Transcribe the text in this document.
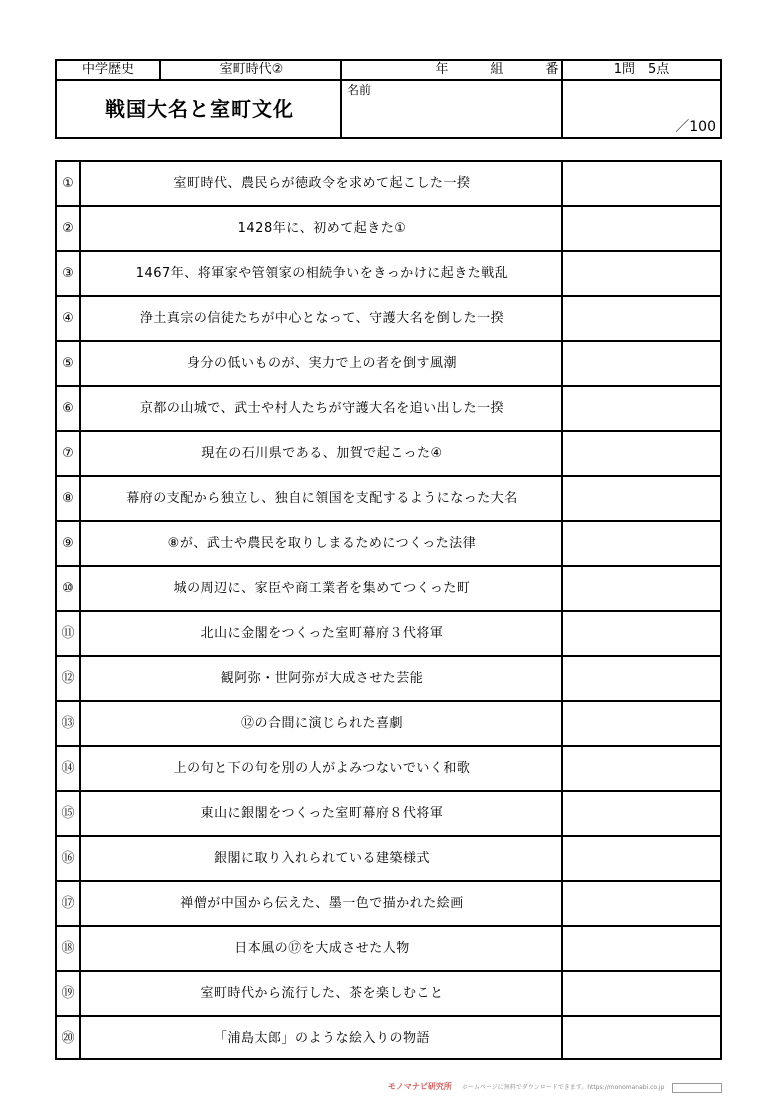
中学歴史	室町時代②	年	組	番	1問　5点
戦国大名と室町文化
名前
／100
①	室町時代、農民らが徳政令を求めて起こした一揆
②	1428年に、初めて起きた①
③	1467年、将軍家や管領家の相続争いをきっかけに起きた戦乱
④	浄土真宗の信徒たちが中心となって、守護大名を倒した一揆
⑤	身分の低いものが、実力で上の者を倒す風潮
⑥	京都の山城で、武士や村人たちが守護大名を追い出した一揆
⑦	現在の石川県である、加賀で起こった④
⑧	幕府の支配から独立し、独自に領国を支配するようになった大名
⑨	⑧が、武士や農民を取りしまるためにつくった法律
⑩	城の周辺に、家臣や商工業者を集めてつくった町
⑪	北山に金閣をつくった室町幕府３代将軍
⑫	観阿弥・世阿弥が大成させた芸能
⑬	⑫の合間に演じられた喜劇
⑭	上の句と下の句を別の人がよみつないでいく和歌
⑮	東山に銀閣をつくった室町幕府８代将軍
⑯	銀閣に取り入れられている建築様式
⑰	禅僧が中国から伝えた、墨一色で描かれた絵画
⑱	日本風の⑰を大成させた人物
⑲	室町時代から流行した、茶を楽しむこと
⑳	「浦島太郎」のような絵入りの物語
モノマナビ研究所 ホームページに無料でダウンロードできます。https://monomanabi.co.jp
